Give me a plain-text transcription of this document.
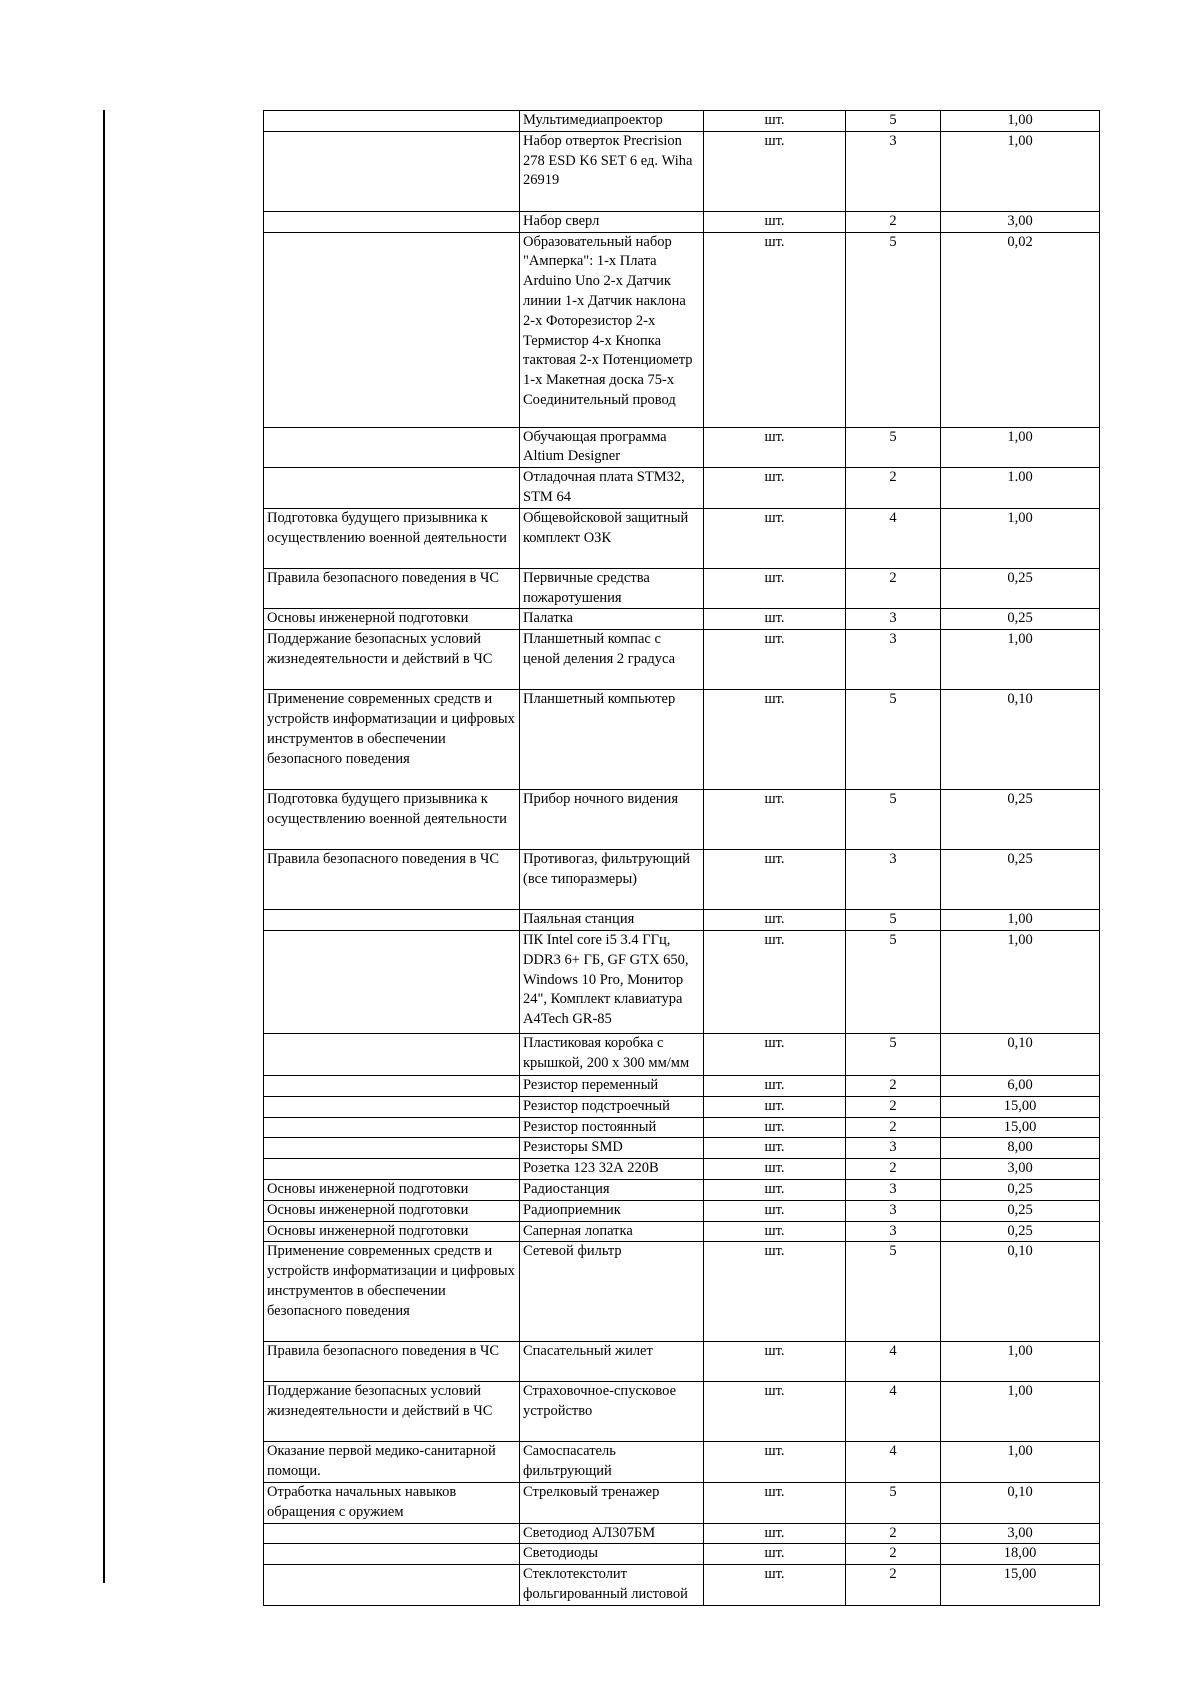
	Мультимедиапроектор	шт.	5	1,00

	Набор отверток Precrision 278 ESD K6 SET 6 ед. Wiha 26919	шт.	3	1,00

	Набор сверл	шт.	2	3,00

	Образовательный набор "Амперка": 1-х Плата Arduino Uno 2-х Датчик линии 1-х Датчик наклона 2-х Фоторезистор 2-х Термистор 4-х Кнопка тактовая 2-х Потенциометр 1-х Макетная доска 75-х Соединительный провод	шт.	5	0,02

	Обучающая программа Altium Designer	шт.	5	1,00

	Отладочная плата STM32, STM 64	шт.	2	1.00

Подготовка будущего призывника к осуществлению военной деятельности	Общевойсковой защитный комплект ОЗК	шт.	4	1,00

Правила безопасного поведения в ЧС	Первичные средства пожаротушения	шт.	2	0,25

Основы инженерной подготовки	Палатка	шт.	3	0,25

Поддержание безопасных условий жизнедеятельности и действий в ЧС	Планшетный компас с ценой деления 2 градуса	шт.	3	1,00

Применение современных средств и устройств информатизации и цифровых инструментов в обеспечении безопасного поведения	Планшетный компьютер	шт.	5	0,10

Подготовка будущего призывника к осуществлению военной деятельности	Прибор ночного видения	шт.	5	0,25

Правила безопасного поведения в ЧС	Противогаз, фильтрующий (все типоразмеры)	шт.	3	0,25

	Паяльная станция	шт.	5	1,00

	ПК Intel core i5 3.4 ГГц, DDR3 6+ ГБ, GF GTX 650, Windows 10 Pro, Монитор 24", Комплект клавиатура A4Tech GR-85	шт.	5	1,00

	Пластиковая коробка с крышкой, 200 х 300 мм/мм	шт.	5	0,10

	Резистор переменный	шт.	2	6,00

	Резистор подстроечный	шт.	2	15,00

	Резистор постоянный	шт.	2	15,00

	Резисторы SMD	шт.	3	8,00

	Розетка 123 32А 220В	шт.	2	3,00

Основы инженерной подготовки	Радиостанция	шт.	3	0,25

Основы инженерной подготовки	Радиоприемник	шт.	3	0,25

Основы инженерной подготовки	Саперная лопатка	шт.	3	0,25

Применение современных средств и устройств информатизации и цифровых инструментов в обеспечении безопасного поведения	Сетевой фильтр	шт.	5	0,10

Правила безопасного поведения в ЧС	Спасательный жилет	шт.	4	1,00

Поддержание безопасных условий жизнедеятельности и действий в ЧС	Страховочное-спусковое устройство	шт.	4	1,00

Оказание первой медико-санитарной помощи.	Самоспасатель фильтрующий	шт.	4	1,00

Отработка начальных навыков обращения с оружием	Стрелковый тренажер	шт.	5	0,10

	Светодиод АЛ307БМ	шт.	2	3,00

	Светодиоды	шт.	2	18,00

	Стеклотекстолит фольгированный листовой	шт.	2	15,00
